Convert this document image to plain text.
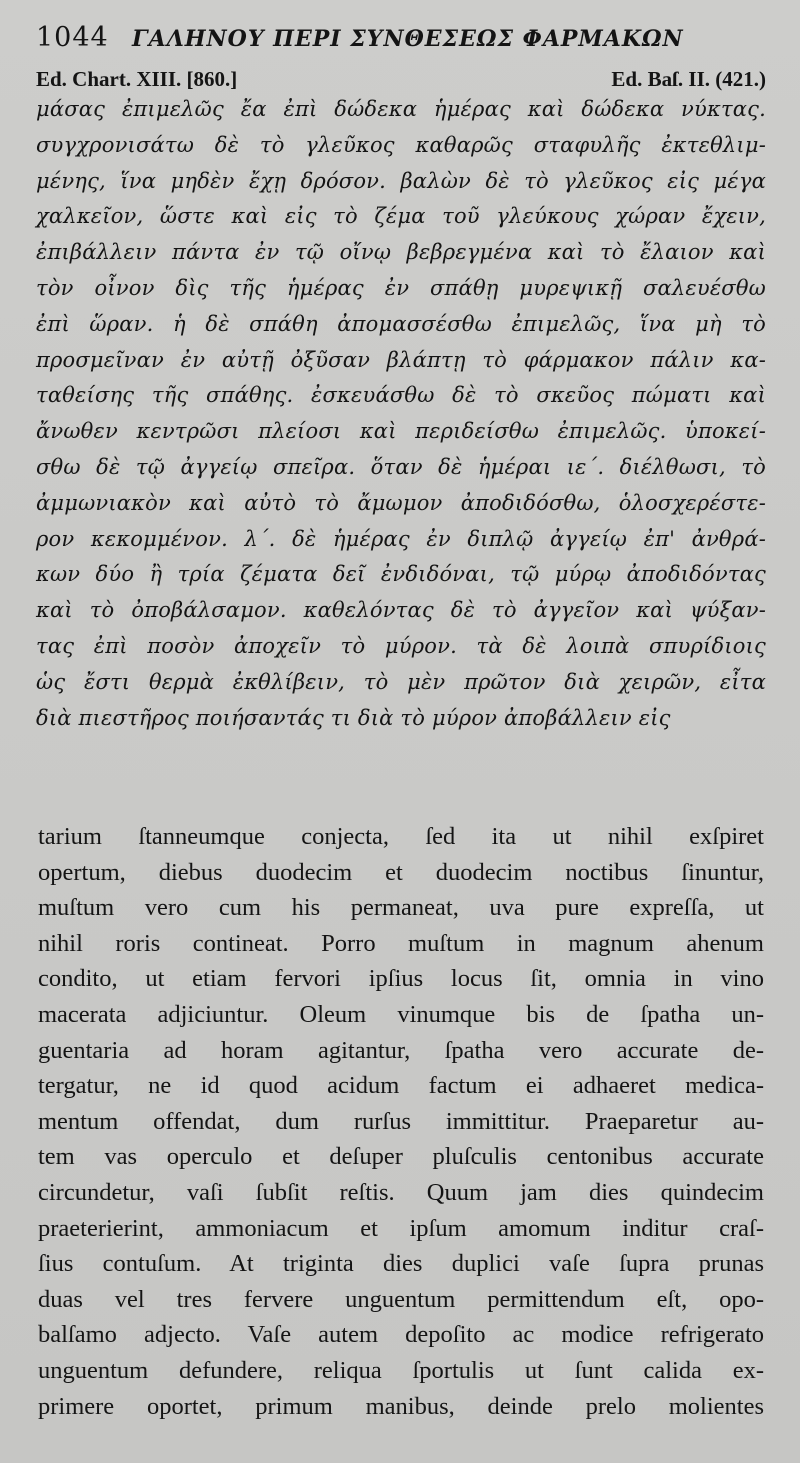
1044	ΓΑΛΗΝΟΥ ΠΕΡΙ ΣΥΝΘΕΣΕΩΣ ΦΑΡΜΑΚΩΝ
Ed. Chart. XIII. [860.]	Ed. Baſ. II. (421.)
μάσας ἐπιμελῶς ἔα ἐπὶ δώδεκα ἡμέρας καὶ δώδεκα νύκτας.
συγχρονισάτω δὲ τὸ γλεῦκος καθαρῶς σταφυλῆς ἐκτεθλιμ-
μένης, ἵνα μηδὲν ἔχῃ δρόσον. βαλὼν δὲ τὸ γλεῦκος εἰς μέγα
χαλκεῖον, ὥστε καὶ εἰς τὸ ζέμα τοῦ γλεύκους χώραν ἔχειν,
ἐπιβάλλειν πάντα ἐν τῷ οἴνῳ βεβρεγμένα καὶ τὸ ἔλαιον καὶ
τὸν οἶνον δὶς τῆς ἡμέρας ἐν σπάθῃ μυρεψικῇ σαλευέσθω
ἐπὶ ὥραν. ἡ δὲ σπάθη ἀπομασσέσθω ἐπιμελῶς, ἵνα μὴ τὸ
προσμεῖναν ἐν αὐτῇ ὀξῦσαν βλάπτῃ τὸ φάρμακον πάλιν κα-
ταθείσης τῆς σπάθης. ἐσκευάσθω δὲ τὸ σκεῦος πώματι καὶ
ἄνωθεν κεντρῶσι πλείοσι καὶ περιδείσθω ἐπιμελῶς. ὑποκεί-
σθω δὲ τῷ ἀγγείῳ σπεῖρα. ὅταν δὲ ἡμέραι ιε΄. διέλθωσι, τὸ
ἀμμωνιακὸν καὶ αὐτὸ τὸ ἄμωμον ἀποδιδόσθω, ὁλοσχερέστε-
ρον κεκομμένον. λ΄. δὲ ἡμέρας ἐν διπλῷ ἀγγείῳ ἐπ' ἀνθρά-
κων δύο ἢ τρία ζέματα δεῖ ἐνδιδόναι, τῷ μύρῳ ἀποδιδόντας
καὶ τὸ ὀποβάλσαμον. καθελόντας δὲ τὸ ἀγγεῖον καὶ ψύξαν-
τας ἐπὶ ποσὸν ἀποχεῖν τὸ μύρον. τὰ δὲ λοιπὰ σπυρίδιοις
ὡς ἔστι θερμὰ ἐκθλίβειν, τὸ μὲν πρῶτον διὰ χειρῶν, εἶτα
διὰ πιεστῆρος ποιήσαντάς τι διὰ τὸ μύρον ἀποβάλλειν εἰς
tarium ſtanneumque conjecta, ſed ita ut nihil exſpiret
opertum, diebus duodecim et duodecim noctibus ſinuntur,
muſtum vero cum his permaneat, uva pure expreſſa, ut
nihil roris contineat. Porro muſtum in magnum ahenum
condito, ut etiam fervori ipſius locus ſit, omnia in vino
macerata adjiciuntur. Oleum vinumque bis de ſpatha un-
guentaria ad horam agitantur, ſpatha vero accurate de-
tergatur, ne id quod acidum factum ei adhaeret medica-
mentum offendat, dum rurſus immittitur. Praeparetur au-
tem vas operculo et deſuper pluſculis centonibus accurate
circundetur, vaſi ſubſit reſtis. Quum jam dies quindecim
praeterierint, ammoniacum et ipſum amomum inditur craſ-
ſius contuſum. At triginta dies duplici vaſe ſupra prunas
duas vel tres fervere unguentum permittendum eſt, opo-
balſamo adjecto. Vaſe autem depoſito ac modice refrigerato
unguentum defundere, reliqua ſportulis ut ſunt calida ex-
primere oportet, primum manibus, deinde prelo molientes
